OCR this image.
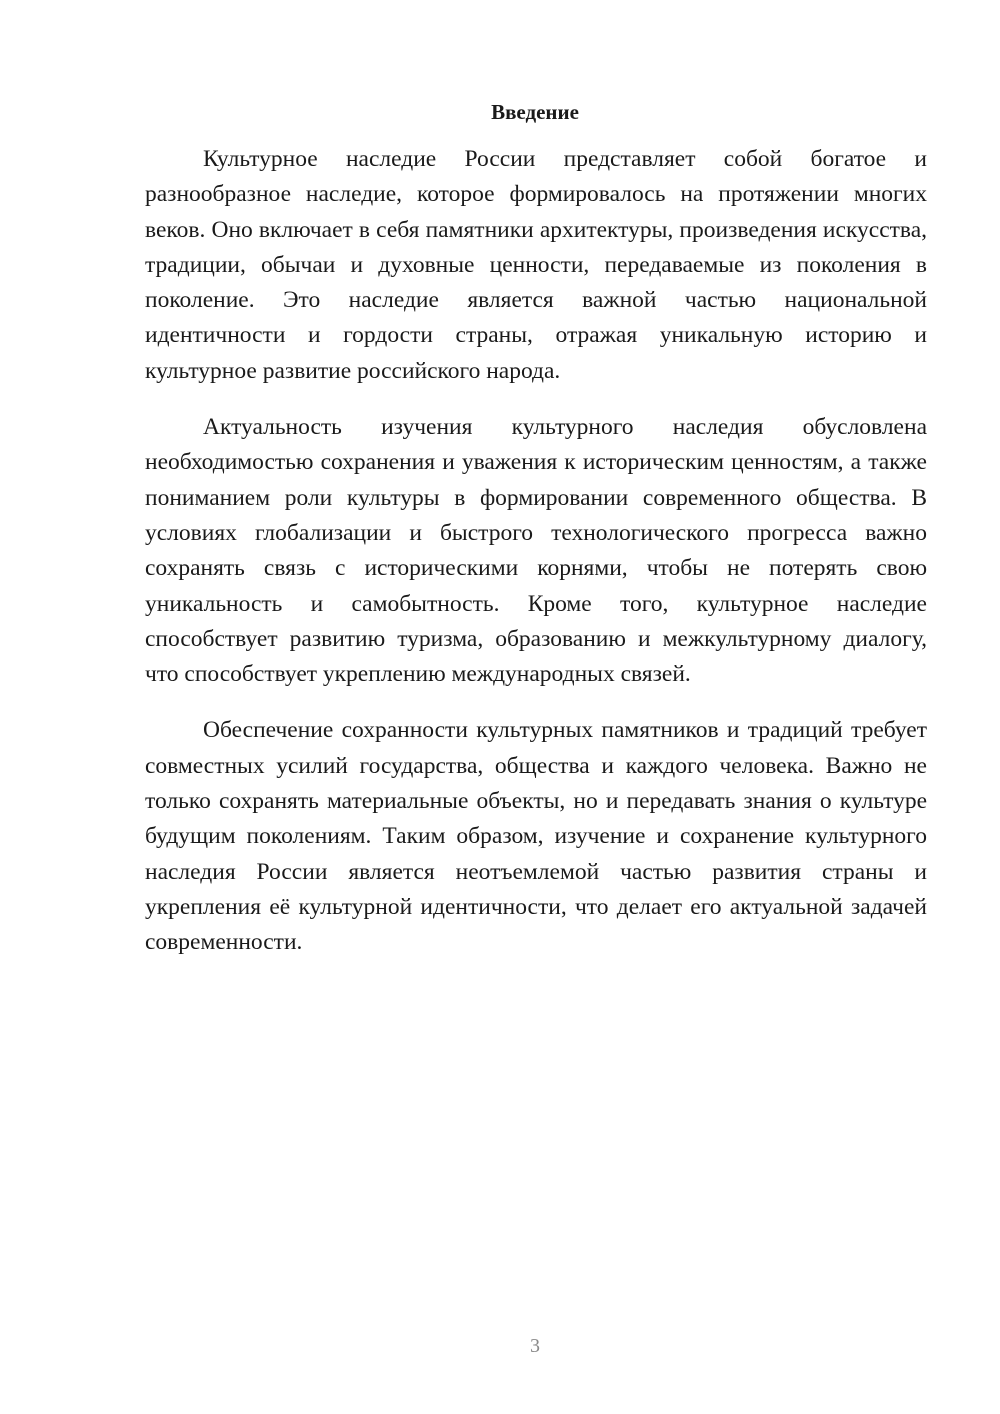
Введение

Культурное наследие России представляет собой богатое и разнообразное наследие, которое формировалось на протяжении многих веков. Оно включает в себя памятники архитектуры, произведения искусства, традиции, обычаи и духовные ценности, передаваемые из поколения в поколение. Это наследие является важной частью национальной идентичности и гордости страны, отражая уникальную историю и культурное развитие российского народа.

Актуальность изучения культурного наследия обусловлена необходимостью сохранения и уважения к историческим ценностям, а также пониманием роли культуры в формировании современного общества. В условиях глобализации и быстрого технологического прогресса важно сохранять связь с историческими корнями, чтобы не потерять свою уникальность и самобытность. Кроме того, культурное наследие способствует развитию туризма, образованию и межкультурному диалогу, что способствует укреплению международных связей.

Обеспечение сохранности культурных памятников и традиций требует совместных усилий государства, общества и каждого человека. Важно не только сохранять материальные объекты, но и передавать знания о культуре будущим поколениям. Таким образом, изучение и сохранение культурного наследия России является неотъемлемой частью развития страны и укрепления её культурной идентичности, что делает его актуальной задачей современности.

3
